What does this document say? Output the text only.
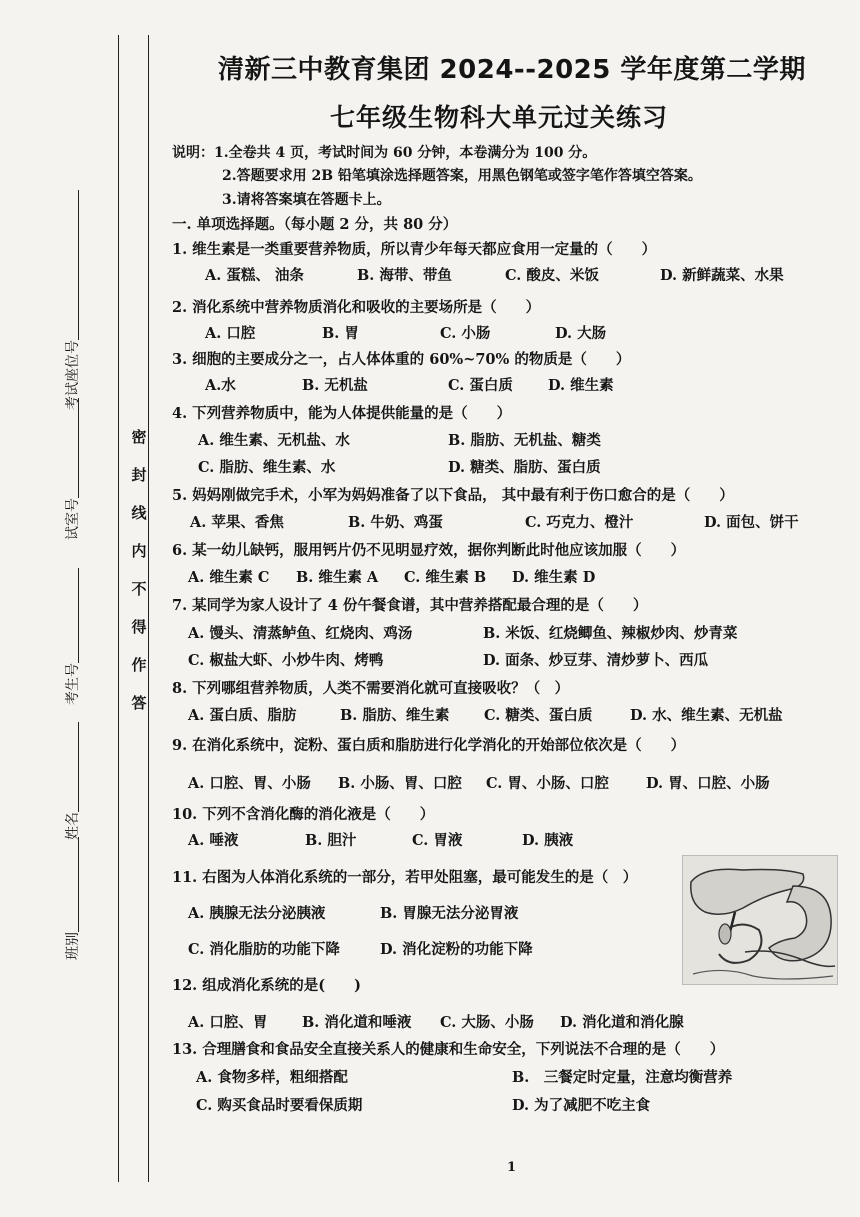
密
封
线
内
不
得
作
答
班别
姓名
考生号
试室号
考试座位号
清新三中教育集团 2024--2025 学年度第二学期
七年级生物科大单元过关练习
说明：1.全卷共 4 页，考试时间为 60 分钟，本卷满分为 100 分。
2.答题要求用 2B 铅笔填涂选择题答案，用黑色钢笔或签字笔作答填空答案。
3.请将答案填在答题卡上。
一. 单项选择题。（每小题 2 分，共 80 分）
1. 维生素是一类重要营养物质，所以青少年每天都应食用一定量的（　　）
A. 蛋糕、 油条	B. 海带、带鱼	C. 酸皮、米饭	D. 新鲜蔬菜、水果
2. 消化系统中营养物质消化和吸收的主要场所是（　　）
A. 口腔	B. 胃	C. 小肠	D. 大肠
3. 细胞的主要成分之一，占人体体重的 60%~70% 的物质是（　　）
A.水	B. 无机盐	C. 蛋白质 D. 维生素
4. 下列营养物质中，能为人体提供能量的是（　　）
A. 维生素、无机盐、水	B. 脂肪、无机盐、糖类
C. 脂肪、维生素、水	D. 糖类、脂肪、蛋白质
5. 妈妈刚做完手术，小军为妈妈准备了以下食品， 其中最有利于伤口愈合的是（　　）
A. 苹果、香焦	B. 牛奶、鸡蛋	C. 巧克力、橙汁	D. 面包、饼干
6. 某一幼儿缺钙，服用钙片仍不见明显疗效，据你判断此时他应该加服（　　）
A. 维生素 C B. 维生素 A C. 维生素 B D. 维生素 D
7. 某同学为家人设计了 4 份午餐食谱，其中营养搭配最合理的是（　　）
A. 馒头、清蒸鲈鱼、红烧肉、鸡汤	B. 米饭、红烧鲫鱼、辣椒炒肉、炒青菜
C. 椒盐大虾、小炒牛肉、烤鸭	D. 面条、炒豆芽、清炒萝卜、西瓜
8. 下列哪组营养物质，人类不需要消化就可直接吸收？（　）
A. 蛋白质、脂肪	B. 脂肪、维生素 C. 糖类、蛋白质	D. 水、维生素、无机盐
9. 在消化系统中，淀粉、蛋白质和脂肪进行化学消化的开始部位依次是（　　）
A. 口腔、胃、小肠 B. 小肠、胃、口腔 C. 胃、小肠、口腔	D. 胃、口腔、小肠
10. 下列不含消化酶的消化液是（　　）
A. 唾液	B. 胆汁	C. 胃液	D. 胰液
11. 右图为人体消化系统的一部分，若甲处阻塞，最可能发生的是（　）
A. 胰腺无法分泌胰液	B. 胃腺无法分泌胃液
C. 消化脂肪的功能下降	D. 消化淀粉的功能下降
12. 组成消化系统的是(　　)
A. 口腔、胃 B. 消化道和唾液 C. 大肠、小肠 D. 消化道和消化腺
13. 合理膳食和食品安全直接关系人的健康和生命安全，下列说法不合理的是（　　）
A. 食物多样，粗细搭配	B.　三餐定时定量，注意均衡营养
C. 购买食品时要看保质期	D. 为了减肥不吃主食
1
